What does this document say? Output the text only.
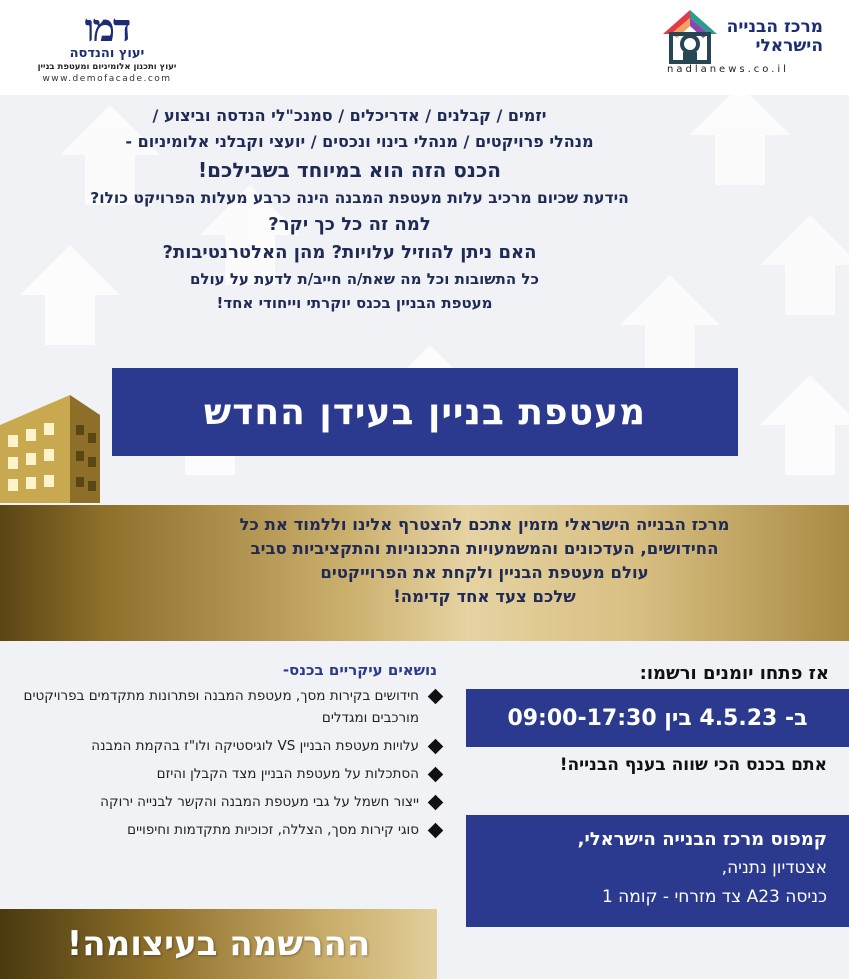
דמו
יעוץ והנדסה
יעוץ ותכנון אלומיניום ומעטפת בניין
www.demofacade.com
מרכז הבנייה
הישראלי
nadlanews.co.il

יזמים / קבלנים / אדריכלים / סמנכ"לי הנדסה וביצוע /

מנהלי פרויקטים / מנהלי בינוי ונכסים / יועצי וקבלני אלומיניום -

הכנס הזה הוא במיוחד בשבילכם!

הידעת שכיום מרכיב עלות מעטפת המבנה הינה כרבע מעלות הפרויקט כולו?

למה זה כל כך יקר?

האם ניתן להוזיל עלויות? מהן האלטרנטיבות?

כל התשובות וכל מה שאת/ה חייב/ת לדעת על עולם

מעטפת הבניין בכנס יוקרתי וייחודי אחד!

מעטפת בניין בעידן החדש

מרכז הבנייה הישראלי מזמין אתכם להצטרף אלינו וללמוד את כל

החידושים, העדכונים והמשמעויות התכנוניות והתקציביות סביב

עולם מעטפת הבניין ולקחת את הפרוייקטים

שלכם צעד אחד קדימה!

נושאים עיקריים בכנס-
חידושים בקירות מסך, מעטפת המבנה ופתרונות מתקדמים בפרויקטים מורכבים ומגדלים
עלויות מעטפת הבניין VS לוגיסטיקה ולו"ז בהקמת המבנה
הסתכלות על מעטפת הבניין מצד הקבלן והיזם
ייצור חשמל על גבי מעטפת המבנה והקשר לבנייה ירוקה
סוגי קירות מסך, הצללה, זכוכיות מתקדמות וחיפויים
ההרשמה בעיצומה!
אז פתחו יומנים ורשמו:
ב- 4.5.23 בין 09:00-17:30
אתם בכנס הכי שווה בענף הבנייה!

קמפוס מרכז הבנייה הישראלי,

אצטדיון נתניה,

כניסה A23 צד מזרחי - קומה 1
